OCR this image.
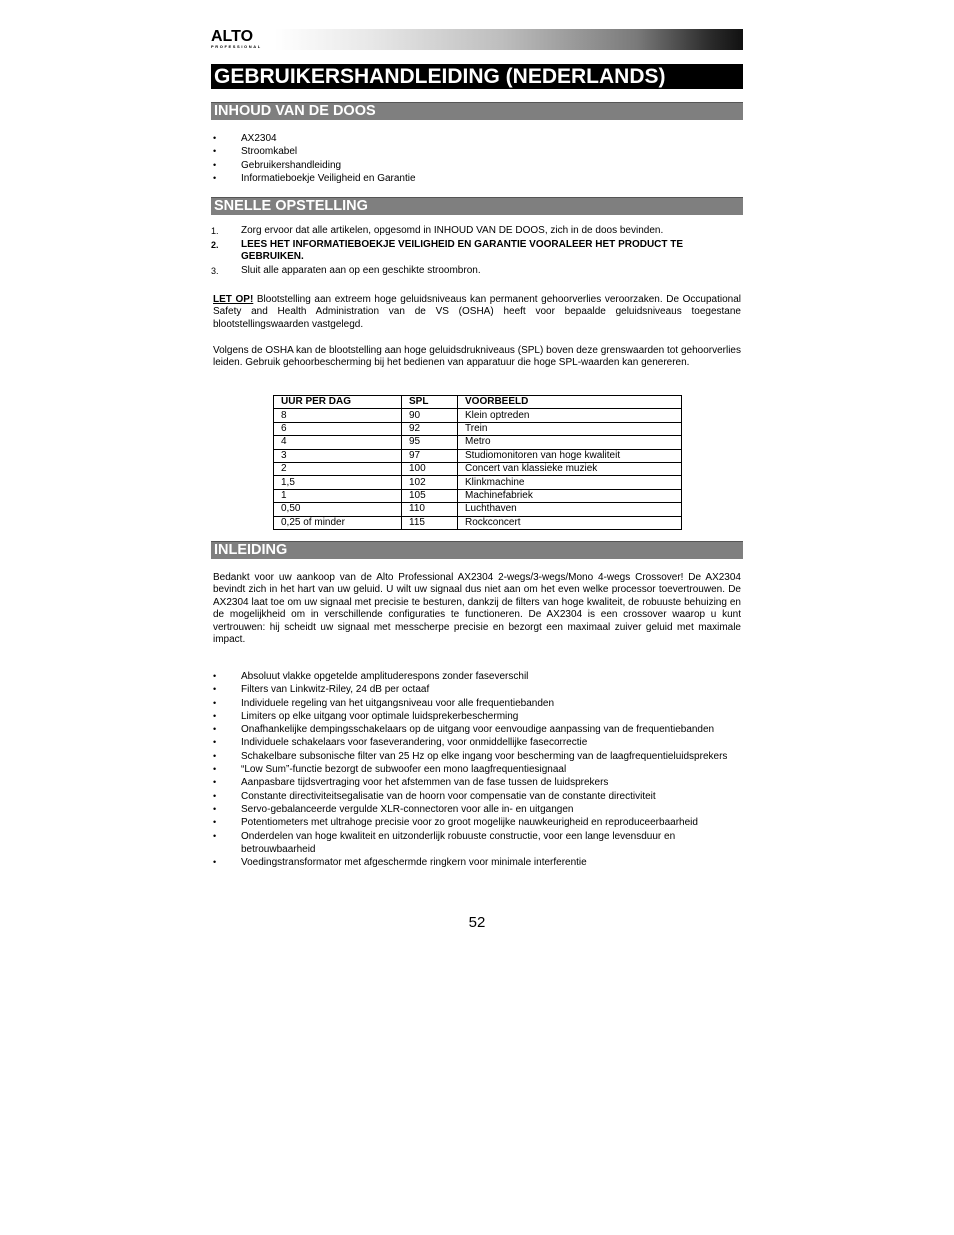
ALTO
PROFESSIONAL
GEBRUIKERSHANDLEIDING (NEDERLANDS)
INHOUD VAN DE DOOS
• AX2304
• Stroomkabel
• Gebruikershandleiding
• Informatieboekje Veiligheid en Garantie
SNELLE OPSTELLING
1. Zorg ervoor dat alle artikelen, opgesomd in INHOUD VAN DE DOOS, zich in de doos bevinden.
2. LEES HET INFORMATIEBOEKJE VEILIGHEID EN GARANTIE VOORALEER HET PRODUCT TE GEBRUIKEN.
3. Sluit alle apparaten aan op een geschikte stroombron.

LET OP! Blootstelling aan extreem hoge geluidsniveaus kan permanent gehoorverlies veroorzaken. De Occupational Safety and Health Administration van de VS (OSHA) heeft voor bepaalde geluidsniveaus toegestane blootstellingswaarden vastgelegd.

Volgens de OSHA kan de blootstelling aan hoge geluidsdrukniveaus (SPL) boven deze grenswaarden tot gehoorverlies leiden. Gebruik gehoorbescherming bij het bedienen van apparatuur die hoge SPL-waarden kan genereren.

UUR PER DAG	SPL	VOORBEELD
8	90	Klein optreden
6	92	Trein
4	95	Metro
3	97	Studiomonitoren van hoge kwaliteit
2	100	Concert van klassieke muziek
1,5	102	Klinkmachine
1	105	Machinefabriek
0,50	110	Luchthaven
0,25 of minder	115	Rockconcert
INLEIDING

Bedankt voor uw aankoop van de Alto Professional AX2304 2-wegs/3-wegs/Mono 4-wegs Crossover! De AX2304 bevindt zich in het hart van uw geluid. U wilt uw signaal dus niet aan om het even welke processor toevertrouwen. De AX2304 laat toe om uw signaal met precisie te besturen, dankzij de filters van hoge kwaliteit, de robuuste behuizing en de mogelijkheid om in verschillende configuraties te functioneren. De AX2304 is een crossover waarop u kunt vertrouwen: hij scheidt uw signaal met messcherpe precisie en bezorgt een maximaal zuiver geluid met maximale impact.

• Absoluut vlakke opgetelde amplituderespons zonder faseverschil
• Filters van Linkwitz-Riley, 24 dB per octaaf
• Individuele regeling van het uitgangsniveau voor alle frequentiebanden
• Limiters op elke uitgang voor optimale luidsprekerbescherming
• Onafhankelijke dempingsschakelaars op de uitgang voor eenvoudige aanpassing van de frequentiebanden
• Individuele schakelaars voor faseverandering, voor onmiddellijke fasecorrectie
• Schakelbare subsonische filter van 25 Hz op elke ingang voor bescherming van de laagfrequentieluidsprekers
• “Low Sum”-functie bezorgt de subwoofer een mono laagfrequentiesignaal
• Aanpasbare tijdsvertraging voor het afstemmen van de fase tussen de luidsprekers
• Constante directiviteitsegalisatie van de hoorn voor compensatie van de constante directiviteit
• Servo-gebalanceerde vergulde XLR-connectoren voor alle in- en uitgangen
• Potentiometers met ultrahoge precisie voor zo groot mogelijke nauwkeurigheid en reproduceerbaarheid
• Onderdelen van hoge kwaliteit en uitzonderlijk robuuste constructie, voor een lange levensduur en betrouwbaarheid
• Voedingstransformator met afgeschermde ringkern voor minimale interferentie
52
